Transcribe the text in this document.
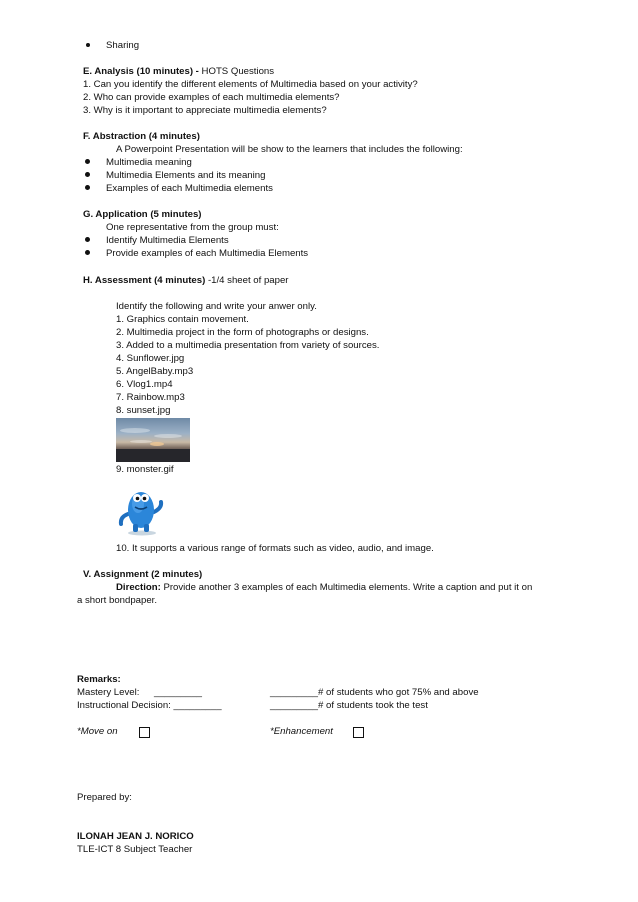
Sharing
E. Analysis (10 minutes) - HOTS Questions
1. Can you identify the different elements of Multimedia based on your activity?
2. Who can provide examples of each multimedia elements?
3. Why is it important to appreciate multimedia elements?
F. Abstraction (4 minutes)
A Powerpoint Presentation will be show to the learners that includes the following:
Multimedia meaning
Multimedia Elements and its meaning
Examples of each Multimedia elements
G. Application (5 minutes)
One representative from the group must:
Identify Multimedia Elements
Provide examples of each Multimedia Elements
H. Assessment (4 minutes) -1/4 sheet of paper
Identify the following and write your anwer only.
1. Graphics contain movement.
2. Multimedia project in the form of photographs or designs.
3. Added to a multimedia presentation from variety of sources.
4. Sunflower.jpg
5. AngelBaby.mp3
6. Vlog1.mp4
7. Rainbow.mp3
8. sunset.jpg
9. monster.gif
10. It supports a various range of formats such as video, audio, and image.
V. Assignment (2 minutes)
Direction: Provide another 3 examples of each Multimedia elements. Write a caption and put it on
a short bondpaper.
Remarks:
Mastery Level: _________	_________# of students who got 75% and above
Instructional Decision: _________	_________# of students took the test
*Move on	*Enhancement
Prepared by:
ILONAH JEAN J. NORICO
TLE-ICT 8 Subject Teacher
